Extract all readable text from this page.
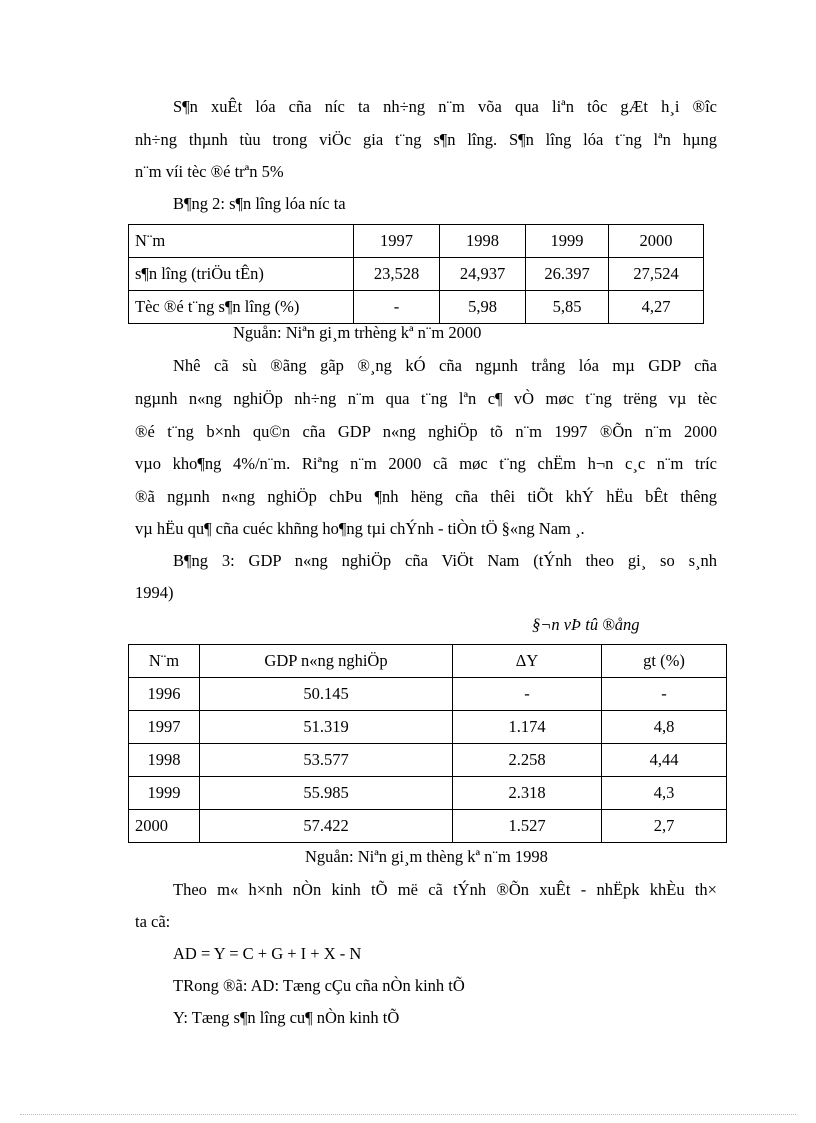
S¶n xuÊt lóa cña níc ta nh÷ng n¨m võa qua liªn tôc gÆt h¸i ®îc
nh÷ng thµnh tùu trong viÖc gia t¨ng s¶n lîng. S¶n lîng lóa t¨ng lªn hµng
n¨m víi tèc ®é trªn 5%
B¶ng 2: s¶n lîng lóa níc ta
N¨m	1997	1998	1999	2000
s¶n lîng (triÖu tÊn)	23,528	24,937	26.397	27,524
Tèc ®é t¨ng s¶n lîng (%)	-	5,98	5,85	4,27
Nguån: Niªn gi¸m trhèng kª n¨m 2000
Nhê cã sù ®ãng gãp ®¸ng kÓ cña ngµnh trång lóa mµ GDP cña
ngµnh n«ng nghiÖp nh÷ng n¨m qua t¨ng lªn c¶ vÒ møc t¨ng trëng vµ tèc
®é t¨ng b×nh qu©n cña GDP n«ng nghiÖp tõ n¨m 1997 ®Õn n¨m 2000
vµo kho¶ng 4%/n¨m. Riªng n¨m 2000 cã møc t¨ng chËm h¬n c¸c n¨m tríc
®ã ngµnh n«ng nghiÖp chÞu ¶nh hëng cña thêi tiÕt khÝ hËu bÊt thêng
vµ hËu qu¶ cña cuéc khñng ho¶ng tµi chÝnh - tiÒn tÖ §«ng Nam ¸.
B¶ng 3: GDP n«ng nghiÖp cña ViÖt Nam (tÝnh theo gi¸ so s¸nh
1994)
§¬n vÞ tû ®ång
N¨m	GDP n«ng nghiÖp	ΔY	gt (%)
1996	50.145	-	-
1997	51.319	1.174	4,8
1998	53.577	2.258	4,44
1999	55.985	2.318	4,3
2000	57.422	1.527	2,7
Nguån: Niªn gi¸m thèng kª n¨m 1998
Theo m« h×nh nÒn kinh tÕ më cã tÝnh ®Õn xuÊt - nhËpk khÈu th×
ta cã:
AD = Y = C + G + I + X - N
TRong ®ã: AD: Tæng cÇu cña nÒn kinh tÕ
Y: Tæng s¶n lîng cu¶ nÒn kinh tÕ
